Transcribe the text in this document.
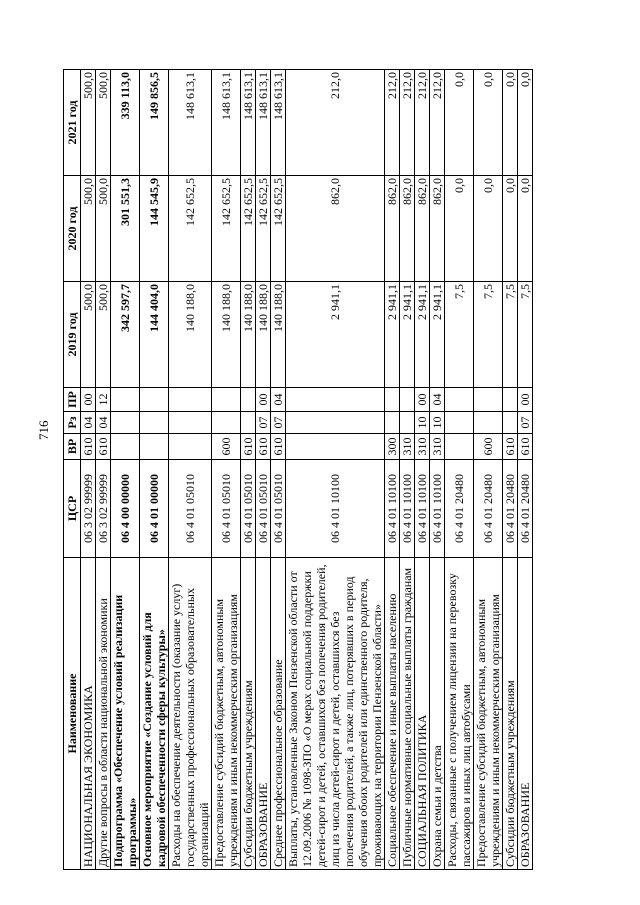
716
Наименование	ЦСР	ВР	Рз	ПР	2019 год	2020 год	2021 год
НАЦИОНАЛЬНАЯ ЭКОНОМИКА	06 3 02 99999	610	04	00	500,0	500,0	500,0
Другие вопросы в области национальной экономики	06 3 02 99999	610	04	12	500,0	500,0	500,0
Подпрограмма «Обеспечение условий реализации программы»	06 4 00 00000				342 597,7	301 551,3	339 113,0
Основное мероприятие «Создание условий для кадровой обеспеченности сферы культуры»	06 4 01 00000				144 404,0	144 545,9	149 856,5
Расходы на обеспечение деятельности (оказание услуг) государственных профессиональных образовательных организаций	06 4 01 05010				140 188,0	142 652,5	148 613,1
Предоставление субсидий бюджетным, автономным учреждениям и иным некоммерческим организациям	06 4 01 05010	600			140 188,0	142 652,5	148 613,1
Субсидии бюджетным учреждениям	06 4 01 05010	610			140 188,0	142 652,5	148 613,1
ОБРАЗОВАНИЕ	06 4 01 05010	610	07	00	140 188,0	142 652,5	148 613,1
Среднее профессиональное образование	06 4 01 05010	610	07	04	140 188,0	142 652,5	148 613,1
Выплаты, установленные Законом Пензенской области от 12.09.2006 № 1098-ЗПО «О мерах социальной поддержки детей-сирот и детей, оставшихся без попечения родителей, лиц из числа детей-сирот и детей, оставшихся без попечения родителей, а также лиц, потерявших в период обучения обоих родителей или единственного родителя, проживающих на территории Пензенской области»	06 4 01 10100				2 941,1	862,0	212,0
Социальное обеспечение и иные выплаты населению	06 4 01 10100	300			2 941,1	862,0	212,0
Публичные нормативные социальные выплаты гражданам	06 4 01 10100	310			2 941,1	862,0	212,0
СОЦИАЛЬНАЯ ПОЛИТИКА	06 4 01 10100	310	10	00	2 941,1	862,0	212,0
Охрана семьи и детства	06 4 01 10100	310	10	04	2 941,1	862,0	212,0
Расходы, связанные с получением лицензии на перевозку пассажиров и иных лиц автобусами	06 4 01 20480				7,5	0,0	0,0
Предоставление субсидий бюджетным, автономным учреждениям и иным некоммерческим организациям	06 4 01 20480	600			7,5	0,0	0,0
Субсидии бюджетным учреждениям	06 4 01 20480	610			7,5	0,0	0,0
ОБРАЗОВАНИЕ	06 4 01 20480	610	07	00	7,5	0,0	0,0
